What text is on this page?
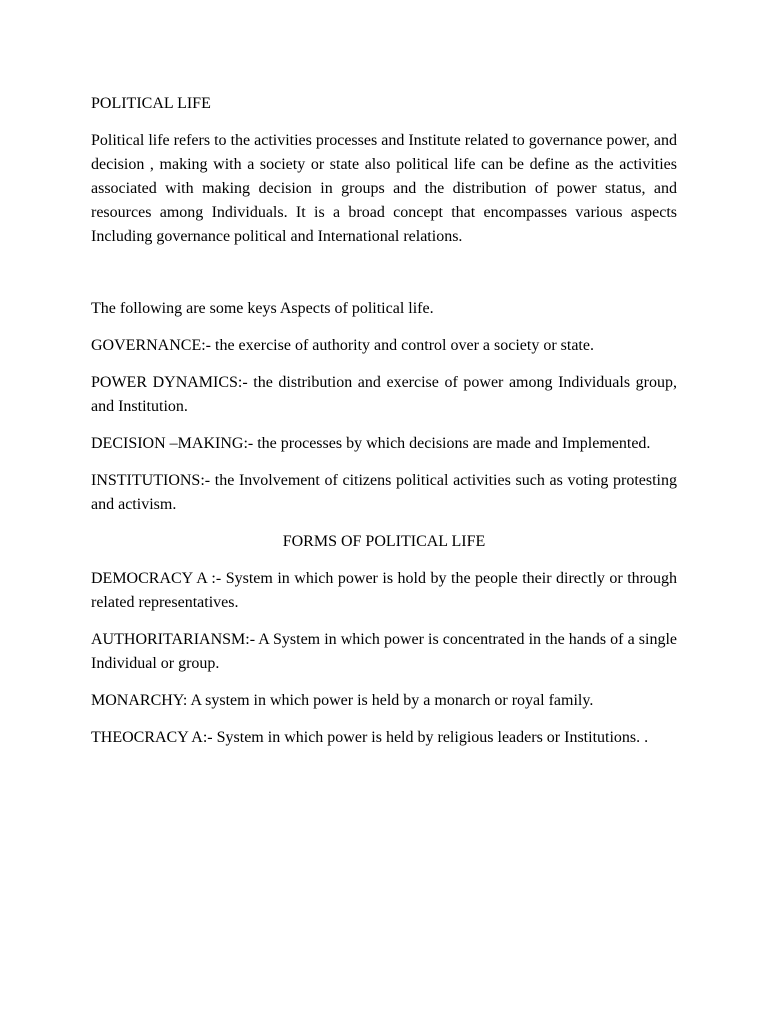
POLITICAL LIFE

Political life refers to the activities processes and Institute related to governance power, and decision , making with a society or state also political life can be define as the activities associated with making decision in groups and the distribution of power status, and resources among Individuals. It is a broad concept that encompasses various aspects Including governance political and International relations.

The following are some keys Aspects of political life.

GOVERNANCE:- the exercise of authority and control over a society or state.

POWER DYNAMICS:- the distribution and exercise of power among Individuals group, and Institution.

DECISION –MAKING:- the processes by which decisions are made and Implemented.

INSTITUTIONS:- the Involvement of citizens political activities such as voting protesting and activism.

FORMS OF POLITICAL LIFE

DEMOCRACY A :- System in which power is hold by the people their directly or through related representatives.

AUTHORITARIANSM:- A System in which power is concentrated in the hands of a single Individual or group.

MONARCHY: A system in which power is held by a monarch or royal family.

THEOCRACY A:- System in which power is held by religious leaders or Institutions. .
